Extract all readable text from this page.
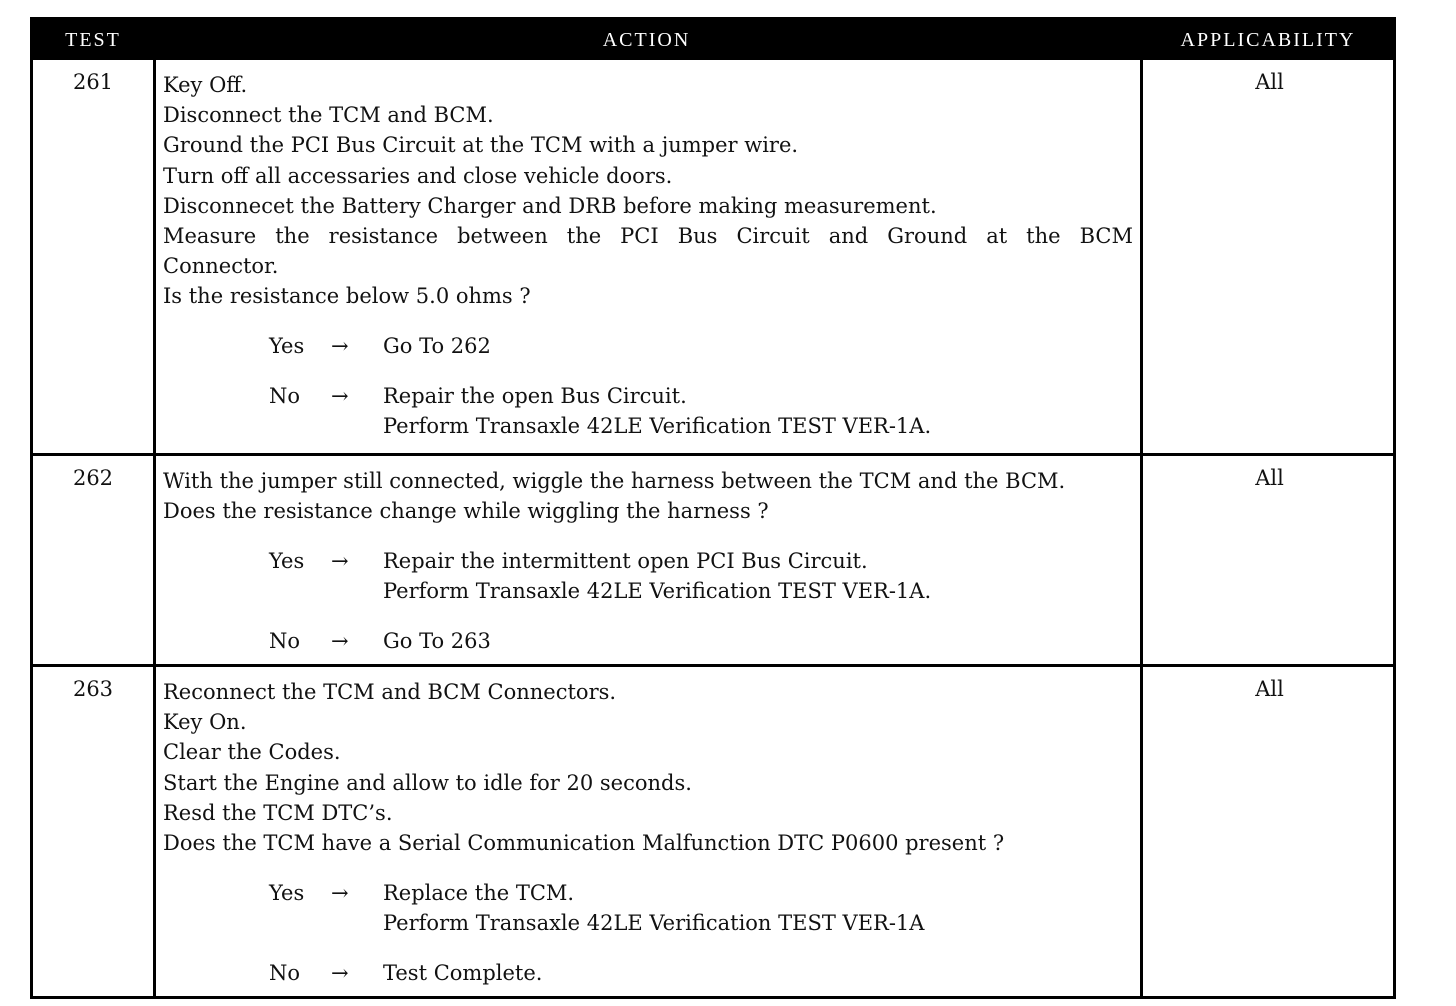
TEST	ACTION	APPLICABILITY
261	Key Off.
Disconnect the TCM and BCM.
Ground the PCI Bus Circuit at the TCM with a jumper wire.
Turn off all accessaries and close vehicle doors.
Disconnecet the Battery Charger and DRB before making measurement.
Measure the resistance between the PCI Bus Circuit and Ground at the BCM
Connector.
Is the resistance below 5.0 ohms ?
Yes → Go To 262
No → Repair the open Bus Circuit.
Perform Transaxle 42LE Verification TEST VER-1A.
All
262	With the jumper still connected, wiggle the harness between the TCM and the BCM.
Does the resistance change while wiggling the harness ?
Yes → Repair the intermittent open PCI Bus Circuit.
Perform Transaxle 42LE Verification TEST VER-1A.
No → Go To 263
All
263	Reconnect the TCM and BCM Connectors.
Key On.
Clear the Codes.
Start the Engine and allow to idle for 20 seconds.
Resd the TCM DTC’s.
Does the TCM have a Serial Communication Malfunction DTC P0600 present ?
Yes → Replace the TCM.
Perform Transaxle 42LE Verification TEST VER-1A
No → Test Complete.
All
